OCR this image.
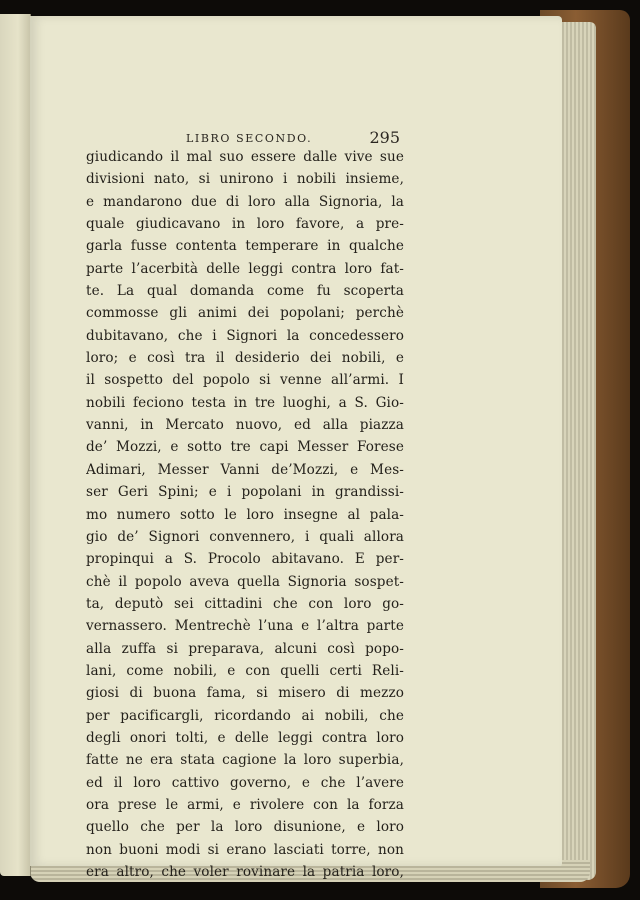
LIBRO SECONDO.	295
giudicando il mal suo essere dalle vive sue
divisioni nato, si unirono i nobili insieme,
e mandarono due di loro alla Signoria, la
quale giudicavano in loro favore, a pre-
garla fusse contenta temperare in qualche
parte l’acerbità delle leggi contra loro fat-
te. La qual domanda come fu scoperta
commosse gli animi dei popolani; perchè
dubitavano, che i Signori la concedessero
loro; e così tra il desiderio dei nobili, e
il sospetto del popolo si venne all’armi. I
nobili feciono testa in tre luoghi, a S. Gio-
vanni, in Mercato nuovo, ed alla piazza
de’ Mozzi, e sotto tre capi Messer Forese
Adimari, Messer Vanni de’Mozzi, e Mes-
ser Geri Spini; e i popolani in grandissi-
mo numero sotto le loro insegne al pala-
gio de’ Signori convennero, i quali allora
propinqui a S. Procolo abitavano. E per-
chè il popolo aveva quella Signoria sospet-
ta, deputò sei cittadini che con loro go-
vernassero. Mentrechè l’una e l’altra parte
alla zuffa si preparava, alcuni così popo-
lani, come nobili, e con quelli certi Reli-
giosi di buona fama, si misero di mezzo
per pacificargli, ricordando ai nobili, che
degli onori tolti, e delle leggi contra loro
fatte ne era stata cagione la loro superbia,
ed il loro cattivo governo, e che l’avere
ora prese le armi, e rivolere con la forza
quello che per la loro disunione, e loro
non buoni modi si erano lasciati torre, non
era altro, che voler rovinare la patria loro,
